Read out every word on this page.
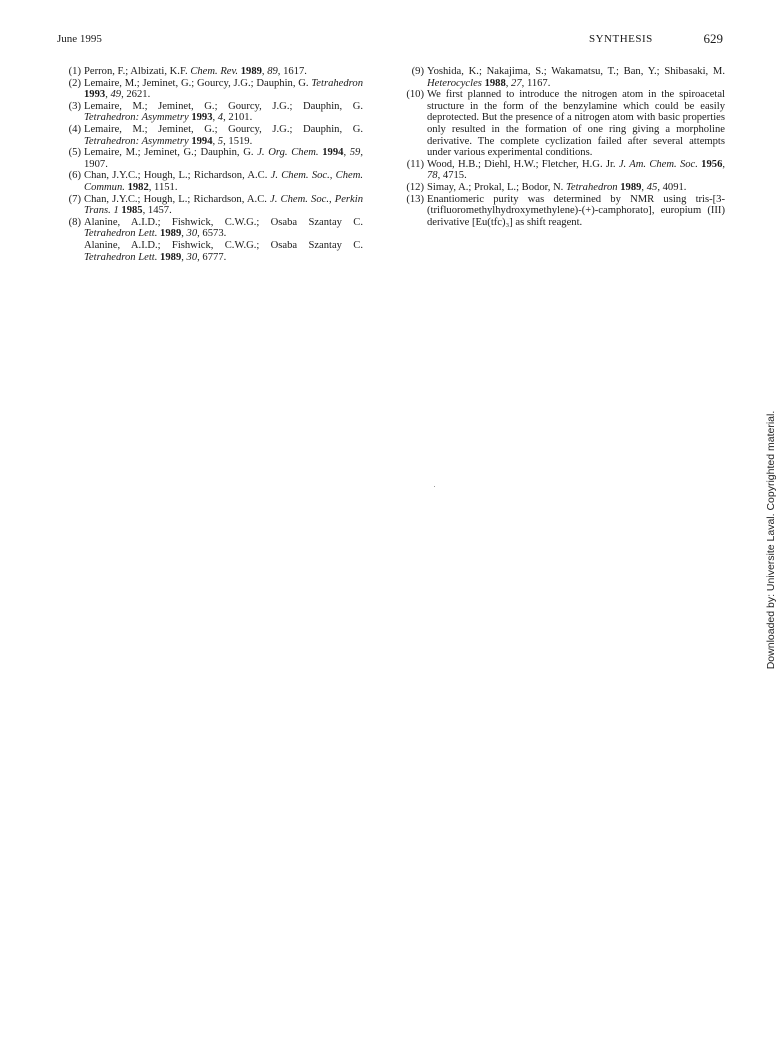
June 1995	SYNTHESIS	629
(1) Perron, F.; Albizati, K.F. Chem. Rev. 1989, 89, 1617.

(2) Lemaire, M.; Jeminet, G.; Gourcy, J.G.; Dauphin, G. Tetrahedron 1993, 49, 2621.

(3) Lemaire, M.; Jeminet, G.; Gourcy, J.G.; Dauphin, G. Tetrahedron: Asymmetry 1993, 4, 2101.

(4) Lemaire, M.; Jeminet, G.; Gourcy, J.G.; Dauphin, G. Tetrahedron: Asymmetry 1994, 5, 1519.

(5) Lemaire, M.; Jeminet, G.; Dauphin, G. J. Org. Chem. 1994, 59, 1907.

(6) Chan, J.Y.C.; Hough, L.; Richardson, A.C. J. Chem. Soc., Chem. Commun. 1982, 1151.

(7) Chan, J.Y.C.; Hough, L.; Richardson, A.C. J. Chem. Soc., Perkin Trans. 1 1985, 1457.

(8) Alanine, A.I.D.; Fishwick, C.W.G.; Osaba Szantay C. Tetrahedron Lett. 1989, 30, 6573.

Alanine, A.I.D.; Fishwick, C.W.G.; Osaba Szantay C. Tetrahedron Lett. 1989, 30, 6777.

(9) Yoshida, K.; Nakajima, S.; Wakamatsu, T.; Ban, Y.; Shibasaki, M. Heterocycles 1988, 27, 1167.

(10) We first planned to introduce the nitrogen atom in the spiroacetal structure in the form of the benzylamine which could be easily deprotected. But the presence of a nitrogen atom with basic properties only resulted in the formation of one ring giving a morpholine derivative. The complete cyclization failed after several attempts under various experimental conditions.

(11) Wood, H.B.; Diehl, H.W.; Fletcher, H.G. Jr. J. Am. Chem. Soc. 1956, 78, 4715.

(12) Simay, A.; Prokal, L.; Bodor, N. Tetrahedron 1989, 45, 4091.

(13) Enantiomeric purity was determined by NMR using tris-[3-(trifluoromethylhydroxymethylene)-(+)-camphorato], europium (III) derivative [Eu(tfc)₃] as shift reagent.

Downloaded by: Universite Laval. Copyrighted material.
